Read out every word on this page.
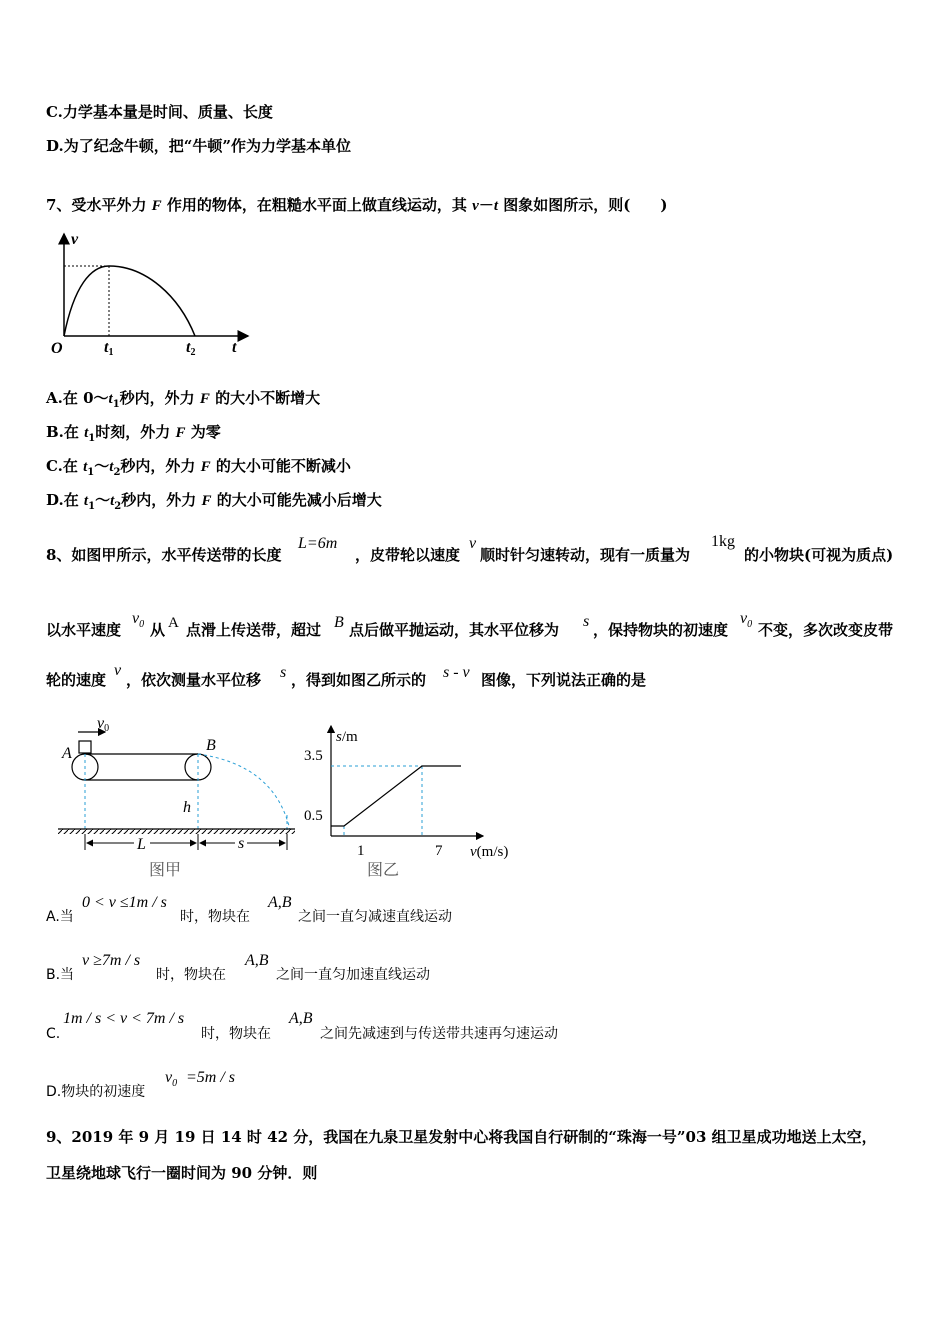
C.力学基本量是时间、质量、长度
D.为了纪念牛顿，把“牛顿”作为力学基本单位
7、受水平外力 F 作用的物体，在粗糙水平面上做直线运动，其 v－t 图象如图所示，则(　　)
v
t
O	t1	t2
A.在 $0\sim t_1$秒内，外力 F 的大小不断增大
B.在 $t_1$时刻，外力 F 为零
C.在 $t_1\sim t_2$秒内，外力 F 的大小可能不断减小
D.在 $t_1\sim t_2$秒内，外力 F 的大小可能先减小后增大
8、如图甲所示，水平传送带的长度
L=6m
，皮带轮以速度
v
顺时针匀速转动，现有一质量为
1kg
的小物块(可视为质点)
以水平速度
$v_0$ 从 A 点滑上传送带，超过 B 点后做平抛运动，其水平位移为 s ，保持物块的初速度
$v_0$ 不变，多次改变皮带
轮的速度
v
，依次测量水平位移 s ，得到如图乙所示的 s - v 图像，下列说法正确的是
v0
A	B
h
L	s
图甲
s/m
3.5
0.5
1	7 v(m/s)
图乙
A.当
0 < v ≤1m / s
时，物块在
A,B
之间一直匀减速直线运动
B.当
v ≥7m / s
时，物块在
A,B
之间一直匀加速直线运动
C.
1m / s < v < 7m / s
时，物块在
A,B
之间先减速到与传送带共速再匀速运动
D.物块的初速度
$v_0 =5m / s$
9、2019 年 9 月 19 日 14 时 42 分，我国在九泉卫星发射中心将我国自行研制的“珠海一号”03 组卫星成功地送上太空，
卫星绕地球飞行一圈时间为 90 分钟．则
